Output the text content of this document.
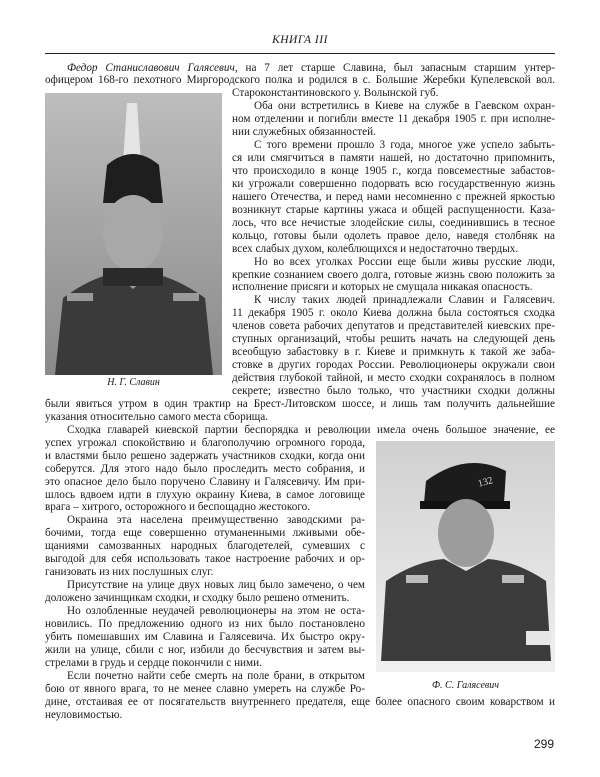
КНИГА III
Федор Станиславович Галясевич, на 7 лет старше Славина, был запасным старшим унтер-
офицером 168-го пехотного Миргородского полка и родился в с. Большие Жеребки Купелевской вол.
Староконстантиновского у. Волынской губ.
Оба они встретились в Киеве на службе в Гаевском охран-
ном отделении и погибли вместе 11 декабря 1905 г. при исполне-
нии служебных обязанностей.
С того времени прошло 3 года, многое уже успело забыть-
ся или смягчиться в памяти нашей, но достаточно припомнить,
что происходило в конце 1905 г., когда повсеместные забастов-
ки угрожали совершенно подорвать всю государственную жизнь
нашего Отечества, и перед нами несомненно с прежней яркостью
возникнут старые картины ужаса и общей распущенности. Каза-
лось, что все нечистые злодейские силы, соединившись в тесное
кольцо, готовы были одолеть правое дело, наведя столбняк на
всех слабых духом, колеблющихся и недостаточно твердых.
Но во всех уголках России еще были живы русские люди,
крепкие сознанием своего долга, готовые жизнь свою положить за
исполнение присяги и которых не смущала никакая опасность.
К числу таких людей принадлежали Славин и Галясевич.
11 декабря 1905 г. около Киева должна была состояться сходка
членов совета рабочих депутатов и представителей киевских пре-
ступных организаций, чтобы решить начать на следующей день
всеобщую забастовку в г. Киеве и примкнуть к такой же заба-
стовке в других городах России. Революционеры окружали свои
действия глубокой тайной, и место сходки сохранялось в полном
секрете; известно было только, что участники сходки должны
были явиться утром в один трактир на Брест-Литовском шоссе, и лишь там получить дальнейшие
указания относительно самого места сборища.
Сходка главарей киевской партии беспорядка и революции имела очень большое значение, ее
успех угрожал спокойствию и благополучию огромного города,
и властями было решено задержать участников сходки, когда они
соберутся. Для этого надо было проследить место собрания, и
это опасное дело было поручено Славину и Галясевичу. Им при-
шлось вдвоем идти в глухую окраину Киева, в самое логовище
врага – хитрого, осторожного и беспощадно жестокого.
Окраина эта населена преимущественно заводскими ра-
бочими, тогда еще совершенно отуманенными лживыми обе-
щаниями самозванных народных благодетелей, сумевших с
выгодой для себя использовать такое настроение рабочих и ор-
ганизовать из них послушных слуг.
Присутствие на улице двух новых лиц было замечено, о чем
доложено зачинщикам сходки, и сходку было решено отменить.
Но озлобленные неудачей революционеры на этом не оста-
новились. По предложению одного из них было постановлено
убить помешавших им Славина и Галясевича. Их быстро окру-
жили на улице, сбили с ног, избили до бесчувствия и затем вы-
стрелами в грудь и сердце покончили с ними.
Если почетно найти себе смерть на поле брани, в открытом
бою от явного врага, то не менее славно умереть на службе Ро-
дине, отстаивая ее от посягательств внутреннего предателя, еще более опасного своим коварством и
неуловимостью.
Н. Г. Славин
132
Ф. С. Галясевич
299
